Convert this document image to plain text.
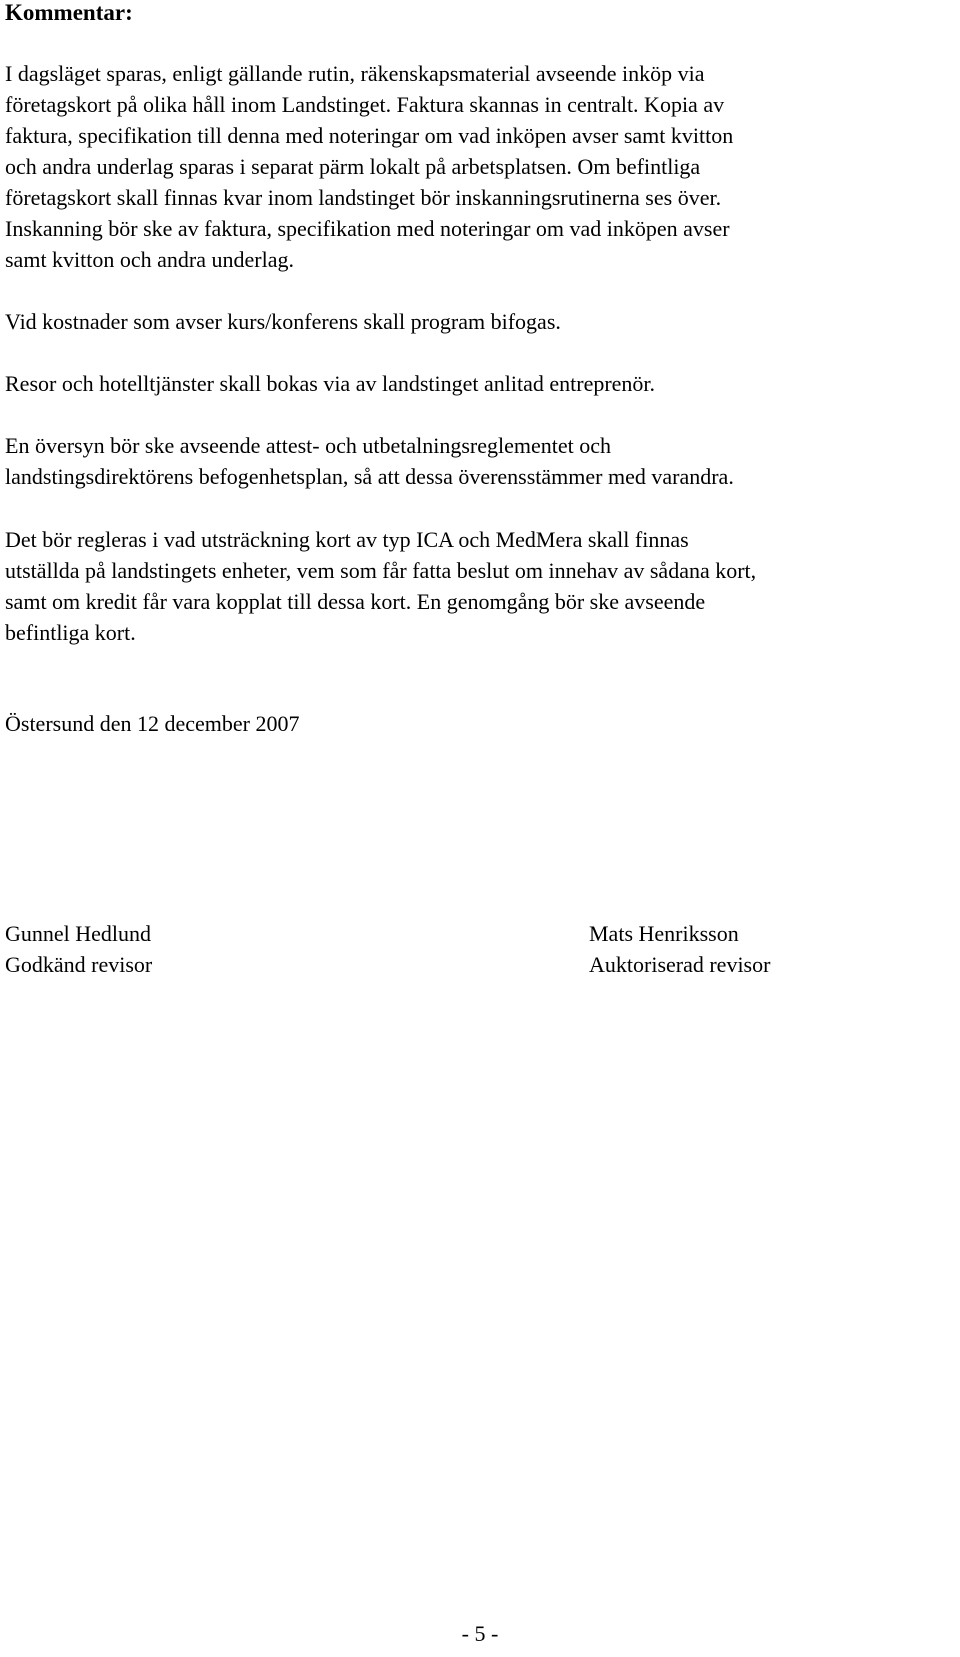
Kommentar:

I dagsläget sparas, enligt gällande rutin, räkenskapsmaterial avseende inköp via
företagskort på olika håll inom Landstinget. Faktura skannas in centralt. Kopia av
faktura, specifikation till denna med noteringar om vad inköpen avser samt kvitton
och andra underlag sparas i separat pärm lokalt på arbetsplatsen. Om befintliga
företagskort skall finnas kvar inom landstinget bör inskanningsrutinerna ses över.
Inskanning bör ske av faktura, specifikation med noteringar om vad inköpen avser
samt kvitton och andra underlag.

Vid kostnader som avser kurs/konferens skall program bifogas.

Resor och hotelltjänster skall bokas via av landstinget anlitad entreprenör.

En översyn bör ske avseende attest- och utbetalningsreglementet och
landstingsdirektörens befogenhetsplan, så att dessa överensstämmer med varandra.

Det bör regleras i vad utsträckning kort av typ ICA och MedMera skall finnas
utställda på landstingets enheter, vem som får fatta beslut om innehav av sådana kort,
samt om kredit får vara kopplat till dessa kort. En genomgång bör ske avseende
befintliga kort.

Östersund den 12 december 2007

Gunnel Hedlund
Godkänd revisor
Mats Henriksson
Auktoriserad revisor
- 5 -
